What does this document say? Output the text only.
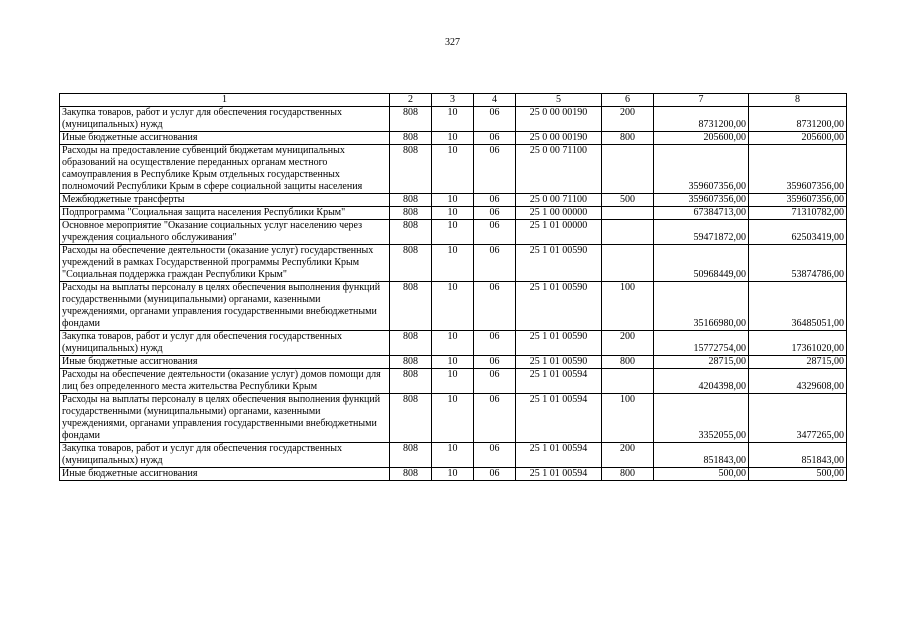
327
1	2	3	4	5	6	7	8
Закупка товаров, работ и услуг для обеспечения государственных (муниципальных) нужд	808	10	06	25 0 00 00190	200	8731200,00	8731200,00
Иные бюджетные ассигнования	808	10	06	25 0 00 00190	800	205600,00	205600,00
Расходы на предоставление субвенций бюджетам муниципальных образований на осуществление переданных органам местного самоуправления в Республике Крым отдельных государственных полномочий Республики Крым в сфере социальной защиты населения	808	10	06	25 0 00 71100		359607356,00	359607356,00
Межбюджетные трансферты	808	10	06	25 0 00 71100	500	359607356,00	359607356,00
Подпрограмма "Социальная защита населения Республики Крым"	808	10	06	25 1 00 00000		67384713,00	71310782,00
Основное мероприятие "Оказание социальных услуг населению через учреждения социального обслуживания"	808	10	06	25 1 01 00000		59471872,00	62503419,00
Расходы на обеспечение деятельности (оказание услуг) государственных учреждений в рамках Государственной программы Республики Крым "Социальная поддержка граждан Республики Крым"	808	10	06	25 1 01 00590		50968449,00	53874786,00
Расходы на выплаты персоналу в целях обеспечения выполнения функций государственными (муниципальными) органами, казенными учреждениями, органами управления государственными внебюджетными фондами	808	10	06	25 1 01 00590	100	35166980,00	36485051,00
Закупка товаров, работ и услуг для обеспечения государственных (муниципальных) нужд	808	10	06	25 1 01 00590	200	15772754,00	17361020,00
Иные бюджетные ассигнования	808	10	06	25 1 01 00590	800	28715,00	28715,00
Расходы на обеспечение деятельности (оказание услуг) домов помощи для лиц без определенного места жительства Республики Крым	808	10	06	25 1 01 00594		4204398,00	4329608,00
Расходы на выплаты персоналу в целях обеспечения выполнения функций государственными (муниципальными) органами, казенными учреждениями, органами управления государственными внебюджетными фондами	808	10	06	25 1 01 00594	100	3352055,00	3477265,00
Закупка товаров, работ и услуг для обеспечения государственных (муниципальных) нужд	808	10	06	25 1 01 00594	200	851843,00	851843,00
Иные бюджетные ассигнования	808	10	06	25 1 01 00594	800	500,00	500,00
